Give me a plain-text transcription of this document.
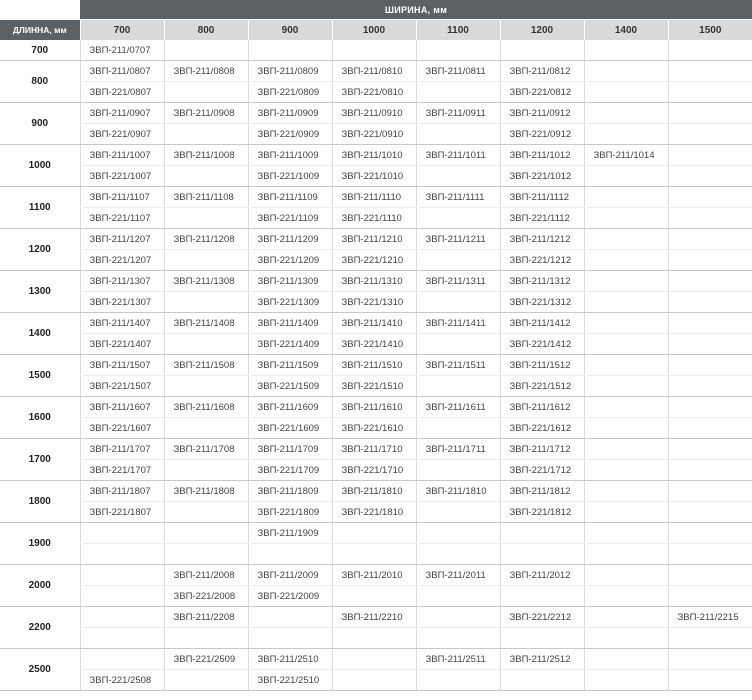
	ШИРИНА, мм							
ДЛИННА, мм	700	800	900	1000	1100	1200	1400	1500
700	ЗВП-211/0707							
800	ЗВП-211/0807	ЗВП-211/0808	ЗВП-211/0809	ЗВП-211/0810	ЗВП-211/0811	ЗВП-211/0812		
	ЗВП-221/0807		ЗВП-221/0809	ЗВП-221/0810		ЗВП-221/0812		
900	ЗВП-211/0907	ЗВП-211/0908	ЗВП-211/0909	ЗВП-211/0910	ЗВП-211/0911	ЗВП-211/0912		
	ЗВП-221/0907		ЗВП-221/0909	ЗВП-221/0910		ЗВП-221/0912		
1000	ЗВП-211/1007	ЗВП-211/1008	ЗВП-211/1009	ЗВП-211/1010	ЗВП-211/1011	ЗВП-211/1012	ЗВП-211/1014	
	ЗВП-221/1007		ЗВП-221/1009	ЗВП-221/1010		ЗВП-221/1012		
1100	ЗВП-211/1107	ЗВП-211/1108	ЗВП-211/1109	ЗВП-211/1110	ЗВП-211/1111	ЗВП-211/1112		
	ЗВП-221/1107		ЗВП-221/1109	ЗВП-221/1110		ЗВП-221/1112		
1200	ЗВП-211/1207	ЗВП-211/1208	ЗВП-211/1209	ЗВП-211/1210	ЗВП-211/1211	ЗВП-211/1212		
	ЗВП-221/1207		ЗВП-221/1209	ЗВП-221/1210		ЗВП-221/1212		
1300	ЗВП-211/1307	ЗВП-211/1308	ЗВП-211/1309	ЗВП-211/1310	ЗВП-211/1311	ЗВП-211/1312		
	ЗВП-221/1307		ЗВП-221/1309	ЗВП-221/1310		ЗВП-221/1312		
1400	ЗВП-211/1407	ЗВП-211/1408	ЗВП-211/1409	ЗВП-211/1410	ЗВП-211/1411	ЗВП-211/1412		
	ЗВП-221/1407		ЗВП-221/1409	ЗВП-221/1410		ЗВП-221/1412		
1500	ЗВП-211/1507	ЗВП-211/1508	ЗВП-211/1509	ЗВП-211/1510	ЗВП-211/1511	ЗВП-211/1512		
	ЗВП-221/1507		ЗВП-221/1509	ЗВП-221/1510		ЗВП-221/1512		
1600	ЗВП-211/1607	ЗВП-211/1608	ЗВП-211/1609	ЗВП-211/1610	ЗВП-211/1611	ЗВП-211/1612		
	ЗВП-221/1607		ЗВП-221/1609	ЗВП-221/1610		ЗВП-221/1612		
1700	ЗВП-211/1707	ЗВП-211/1708	ЗВП-211/1709	ЗВП-211/1710	ЗВП-211/1711	ЗВП-211/1712		
	ЗВП-221/1707		ЗВП-221/1709	ЗВП-221/1710		ЗВП-221/1712		
1800	ЗВП-211/1807	ЗВП-211/1808	ЗВП-211/1809	ЗВП-211/1810	ЗВП-211/1810	ЗВП-211/1812		
	ЗВП-221/1807		ЗВП-221/1809	ЗВП-221/1810		ЗВП-221/1812		
1900			ЗВП-211/1909					

2000		ЗВП-211/2008	ЗВП-211/2009	ЗВП-211/2010	ЗВП-211/2011	ЗВП-211/2012		
		ЗВП-221/2008	ЗВП-221/2009					
2200		ЗВП-211/2208		ЗВП-211/2210		ЗВП-221/2212		ЗВП-211/2215

2500		ЗВП-221/2509	ЗВП-211/2510		ЗВП-211/2511	ЗВП-211/2512		
	ЗВП-221/2508		ЗВП-221/2510					
